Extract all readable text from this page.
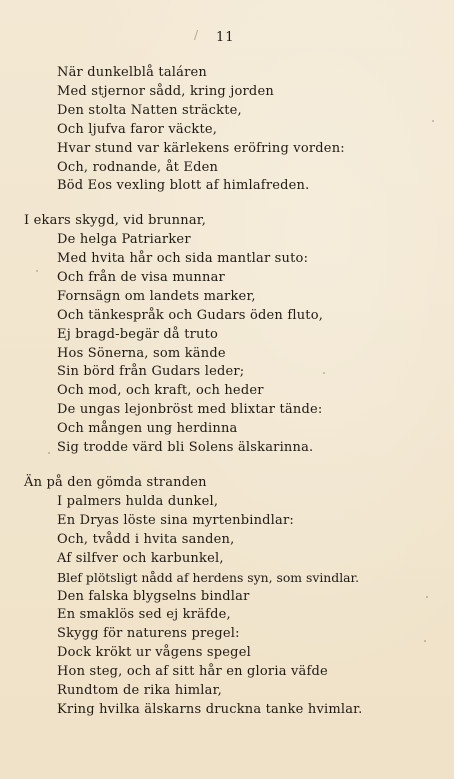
/ 11
När dunkelblå taláren
Med stjernor sådd, kring jorden
Den stolta Natten sträckte,
Och ljufva faror väckte,
Hvar stund var kärlekens eröfring vorden:
Och, rodnande, åt Eden
Böd Eos vexling blott af himlafreden.
I ekars skygd, vid brunnar,
De helga Patriarker
Med hvita hår och sida mantlar suto:
Och från de visa munnar
Fornsägn om landets marker,
Och tänkespråk och Gudars öden fluto,
Ej bragd-begär då truto
Hos Sönerna, som kände
Sin börd från Gudars leder;
Och mod, och kraft, och heder
De ungas lejonbröst med blixtar tände:
Och mången ung herdinna
Sig trodde värd bli Solens älskarinna.
Än på den gömda stranden
I palmers hulda dunkel,
En Dryas löste sina myrtenbindlar:
Och, tvådd i hvita sanden,
Af silfver och karbunkel,
Blef plötsligt nådd af herdens syn, som svindlar.
Den falska blygselns bindlar
En smaklös sed ej kräfde,
Skygg för naturens pregel:
Dock krökt ur vågens spegel
Hon steg, och af sitt hår en gloria väfde
Rundtom de rika himlar,
Kring hvilka älskarns druckna tanke hvimlar.
